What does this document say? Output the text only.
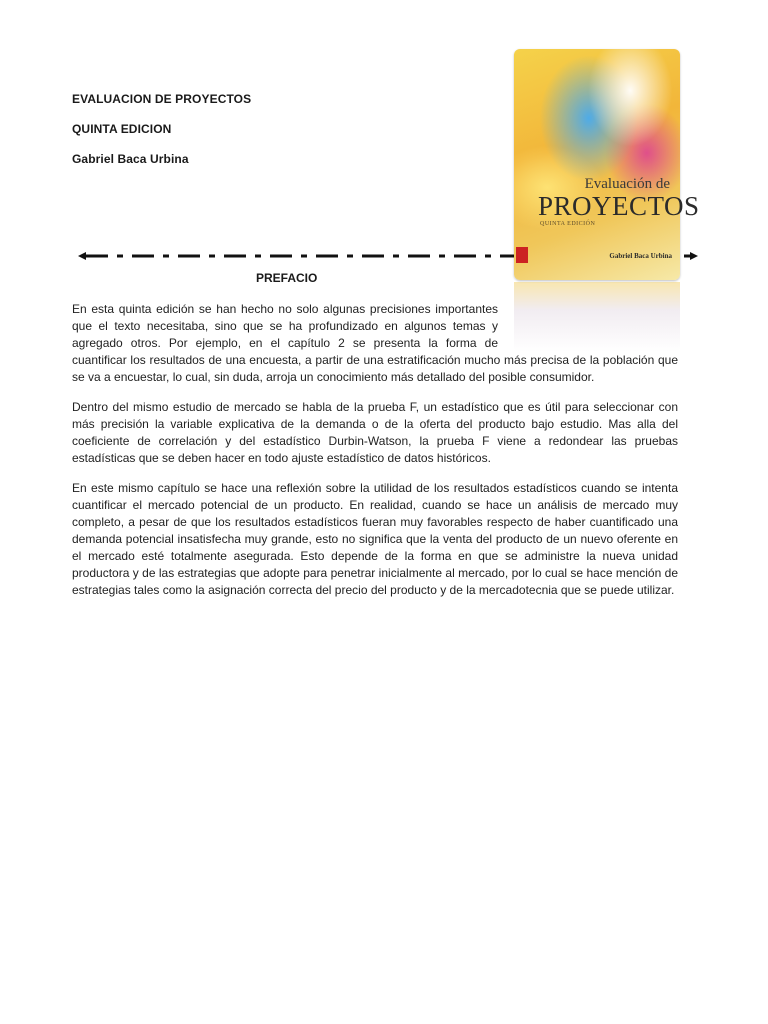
EVALUACION DE PROYECTOS

QUINTA EDICION

Gabriel Baca Urbina

Evaluación de
PROYECTOS
QUINTA EDICIÓN
Gabriel Baca Urbina

PREFACIO

En esta quinta edición se han hecho no solo algunas precisiones importantes que el texto necesitaba, sino que se ha profundizado en algunos temas y agregado otros. Por ejemplo, en el capítulo 2 se presenta la forma de cuantificar los resultados de una encuesta, a partir de una estratificación mucho más precisa de la población que se va a encuestar, lo cual, sin duda, arroja un conocimiento más detallado del posible consumidor.

Dentro del mismo estudio de mercado se habla de la prueba F, un estadístico que es útil para seleccionar con más precisión la variable explicativa de la demanda o de la oferta del producto bajo estudio. Mas alla del coeficiente de correlación y del estadístico Durbin-Watson, la prueba F viene a redondear las pruebas estadísticas que se deben hacer en todo ajuste estadístico de datos históricos.

En este mismo capítulo se hace una reflexión sobre la utilidad de los resultados estadísticos cuando se intenta cuantificar el mercado potencial de un producto. En realidad, cuando se hace un análisis de mercado muy completo, a pesar de que los resultados estadísticos fueran muy favorables respecto de haber cuantificado una demanda potencial insatisfecha muy grande, esto no significa que la venta del producto de un nuevo oferente en el mercado esté totalmente asegurada. Esto depende de la forma en que se administre la nueva unidad productora y de las estrategias que adopte para penetrar inicialmente al mercado, por lo cual se hace mención de estrategias tales como la asignación correcta del precio del producto y de la mercadotecnia que se puede utilizar.
